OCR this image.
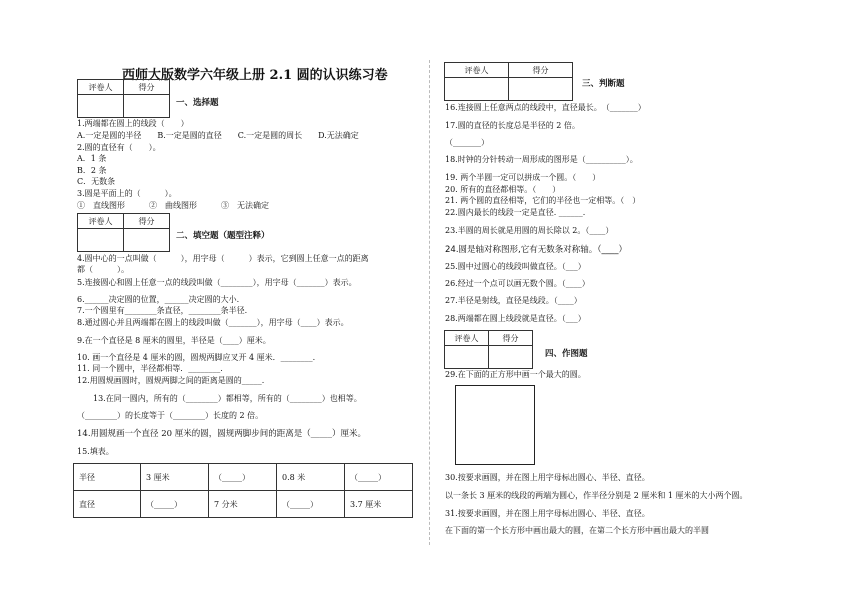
西师大版数学六年级上册 2.1 圆的认识练习卷
评卷人	得分

一、选择题
1.两端都在圆上的线段（　　）
A.一定是圆的半径　　B.一定是圆的直径　　C.一定是圆的周长　　D.无法确定
2.圆的直径有（　　）。
A．1 条
B．2 条
C．无数条
3.圆是平面上的（　　　）。
①　直线图形　　　②　曲线图形　　　③　无法确定
评卷人	得分

二、填空题（题型注释）
4.圆中心的一点叫做（　　　），用字母（　　　）表示，它到圆上任意一点的距离
都（　　　）。
5.连接圆心和圆上任意一点的线段叫做（________），用字母（_______）表示。
6.______决定圆的位置，______决定圆的大小.
7.一个圆里有________条直径，________条半径.
8.通过圆心并且两端都在圆上的线段叫做（_______），用字母（____）表示。
9.在一个直径是 8 厘米的圆里，半径是（____）厘米。
10. 画一个直径是 4 厘米的圆，圆规两脚应叉开 4 厘米．________.
11. 同一个圆中，半径都相等．________.
12.用圆规画圆时，圆规两脚之间的距离是圆的_____.
13.在同一圆内，所有的（________）都相等，所有的（________）也相等。
（________）的长度等于（________）长度的 2 倍。
14.用圆规画一个直径 20 厘米的圆，圆规两脚步间的距离是（_____）厘米。
15.填表。
半径	3 厘米	（_____）	0.8 米	（_____）
直径	（_____）	7 分米	（_____）	3.7 厘米
评卷人	得分

三、判断题
16.连接圆上任意两点的线段中，直径最长。　（_______）
17.圆的直径的长度总是半径的 2 倍。
（_______）
18.时钟的分针转动一周形成的图形是（__________）。
19. 两个半圆一定可以拼成一个圆。（　　）
20. 所有的直径都相等。（　　）
21. 两个圆的直径相等，它们的半径也一定相等。（　）
22.圆内最长的线段一定是直径. ______.
23.半圆的周长就是用圆的周长除以 2。（____）
24.圆是轴对称图形,它有无数条对称轴。（____）
25.圆中过圆心的线段叫做直径。（___）
26.经过一个点可以画无数个圆。（____）
27.半径是射线，直径是线段。（____）
28.两端都在圆上线段就是直径。（___）
评卷人	得分

四、作图题
29.在下面的正方形中画一个最大的圆。
30.按要求画圆，并在图上用字母标出圆心、半径、直径。
以一条长 3 厘米的线段的两端为圆心，作半径分别是 2 厘米和 1 厘米的大小两个圆。
31.按要求画圆，并在图上用字母标出圆心、半径、直径。
在下面的第一个长方形中画出最大的圆，在第二个长方形中画出最大的半圆
